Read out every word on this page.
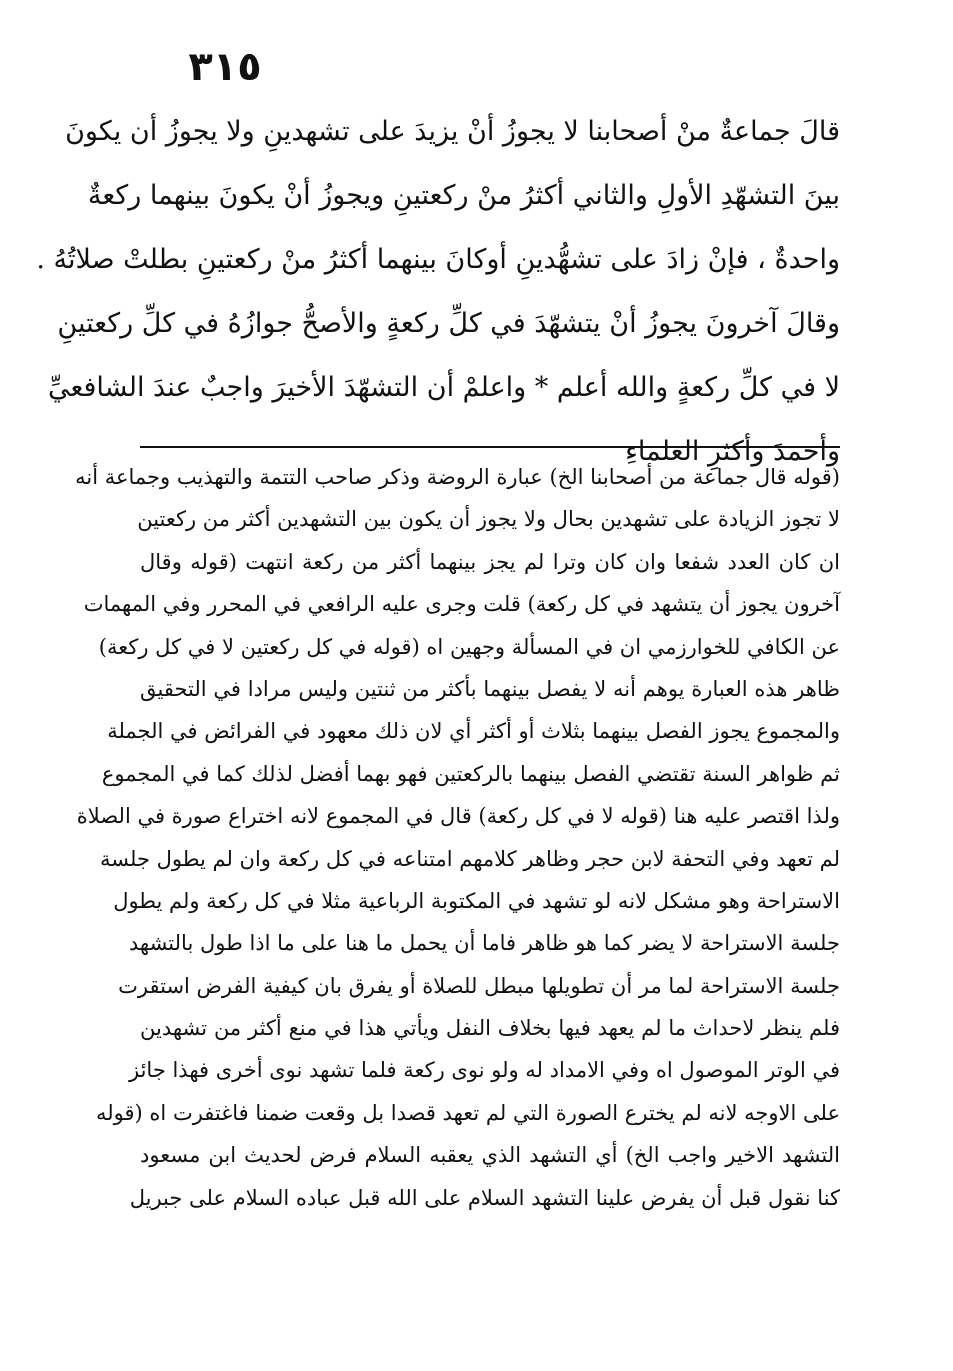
٣١٥
قالَ جماعةٌ منْ أصحابنا لا يجوزُ أنْ يزيدَ على تشهدينِ ولا يجوزُ أن يكونَ
بينَ التشهّدِ الأولِ والثاني أكثرُ منْ ركعتينِ ويجوزُ أنْ يكونَ بينهما ركعةٌ
واحدةٌ ، فإنْ زادَ على تشهُّدينِ أوكانَ بينهما أكثرُ منْ ركعتينِ بطلتْ صلاتُهُ .
وقالَ آخرونَ يجوزُ أنْ يتشهّدَ في كلِّ ركعةٍ والأصحُّ جوازُهُ في كلِّ ركعتينِ
لا في كلِّ ركعةٍ والله أعلم * واعلمْ أن التشهّدَ الأخيرَ واجبٌ عندَ الشافعيِّ
وأحمدَ وأكثرِ العلماءِ
(قوله قال جماعة من أصحابنا الخ) عبارة الروضة وذكر صاحب التتمة والتهذيب وجماعة أنه
لا تجوز الزيادة على تشهدين بحال ولا يجوز أن يكون بين التشهدين أكثر من ركعتين
ان كان العدد شفعا وان كان وترا لم يجز بينهما أكثر من ركعة انتهت (قوله وقال
آخرون يجوز أن يتشهد في كل ركعة) قلت وجرى عليه الرافعي في المحرر وفي المهمات
عن الكافي للخوارزمي ان في المسألة وجهين اه (قوله في كل ركعتين لا في كل ركعة)
ظاهر هذه العبارة يوهم أنه لا يفصل بينهما بأكثر من ثنتين وليس مرادا في التحقيق
والمجموع يجوز الفصل بينهما بثلاث أو أكثر أي لان ذلك معهود في الفرائض في الجملة
ثم ظواهر السنة تقتضي الفصل بينهما بالركعتين فهو بهما أفضل لذلك كما في المجموع
ولذا اقتصر عليه هنا (قوله لا في كل ركعة) قال في المجموع لانه اختراع صورة في الصلاة
لم تعهد وفي التحفة لابن حجر وظاهر كلامهم امتناعه في كل ركعة وان لم يطول جلسة
الاستراحة وهو مشكل لانه لو تشهد في المكتوبة الرباعية مثلا في كل ركعة ولم يطول
جلسة الاستراحة لا يضر كما هو ظاهر فاما أن يحمل ما هنا على ما اذا طول بالتشهد
جلسة الاستراحة لما مر أن تطويلها مبطل للصلاة أو يفرق بان كيفية الفرض استقرت
فلم ينظر لاحداث ما لم يعهد فيها بخلاف النفل ويأتي هذا في منع أكثر من تشهدين
في الوتر الموصول اه وفي الامداد له ولو نوى ركعة فلما تشهد نوى أخرى فهذا جائز
على الاوجه لانه لم يخترع الصورة التي لم تعهد قصدا بل وقعت ضمنا فاغتفرت اه (قوله
التشهد الاخير واجب الخ) أي التشهد الذي يعقبه السلام فرض لحديث ابن مسعود
كنا نقول قبل أن يفرض علينا التشهد السلام على الله قبل عباده السلام على جبريل
